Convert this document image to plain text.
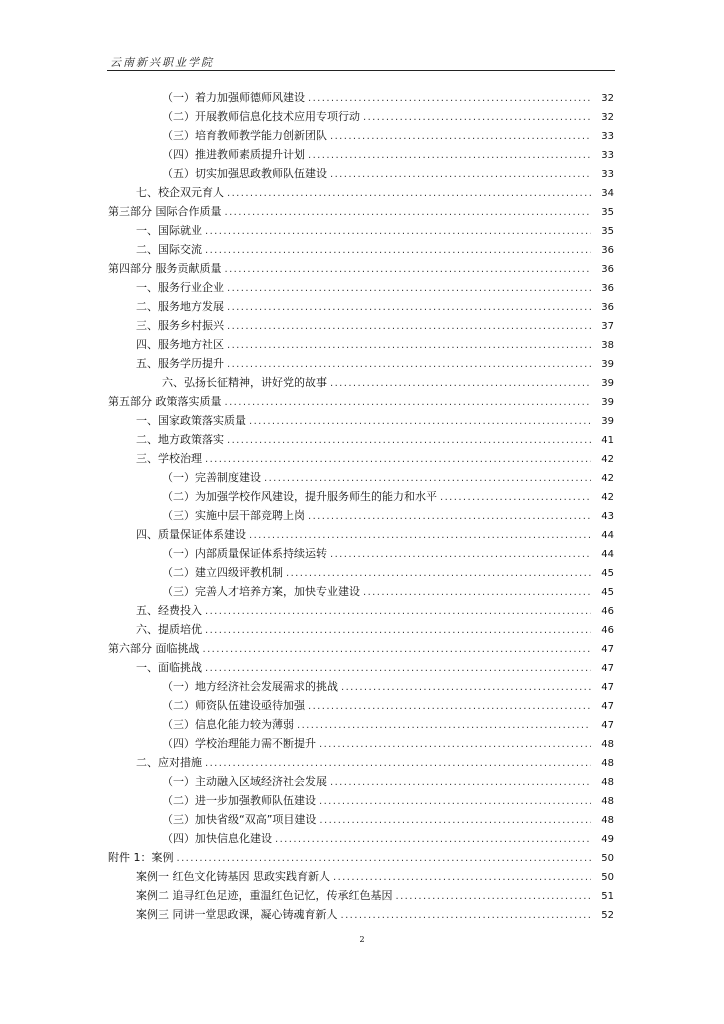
云南新兴职业学院
（一）着力加强师德师风建设 .....	32
（二）开展教师信息化技术应用专项行动 .....	32
（三）培育教师教学能力创新团队 .....	33
（四）推进教师素质提升计划 .....	33
（五）切实加强思政教师队伍建设 .....	33
七、校企双元育人 .....	34
第三部分 国际合作质量 .....	35
一、国际就业 .....	35
二、国际交流 .....	36
第四部分 服务贡献质量 .....	36
一、服务行业企业 .....	36
二、服务地方发展 .....	36
三、服务乡村振兴 .....	37
四、服务地方社区 .....	38
五、服务学历提升 .....	39
六、弘扬长征精神，讲好党的故事 .....	39
第五部分 政策落实质量 .....	39
一、国家政策落实质量 .....	39
二、地方政策落实 .....	41
三、学校治理 .....	42
（一）完善制度建设 .....	42
（二）为加强学校作风建设，提升服务师生的能力和水平 .....	42
（三）实施中层干部竞聘上岗 .....	43
四、质量保证体系建设 .....	44
（一）内部质量保证体系持续运转 .....	44
（二）建立四级评教机制 .....	45
（三）完善人才培养方案，加快专业建设 .....	45
五、经费投入 .....	46
六、提质培优 .....	46
第六部分 面临挑战 .....	47
一、面临挑战 .....	47
（一）地方经济社会发展需求的挑战 .....	47
（二）师资队伍建设亟待加强 .....	47
（三）信息化能力较为薄弱 .....	47
（四）学校治理能力需不断提升 .....	48
二、应对措施 .....	48
（一）主动融入区域经济社会发展 .....	48
（二）进一步加强教师队伍建设 .....	48
（三）加快省级“双高”项目建设 .....	48
（四）加快信息化建设 .....	49
附件 1：案例 .....	50
案例一 红色文化铸基因 思政实践育新人 .....	50
案例二 追寻红色足迹，重温红色记忆，传承红色基因 .....	51
案例三 同讲一堂思政课，凝心铸魂育新人 .....	52
2
